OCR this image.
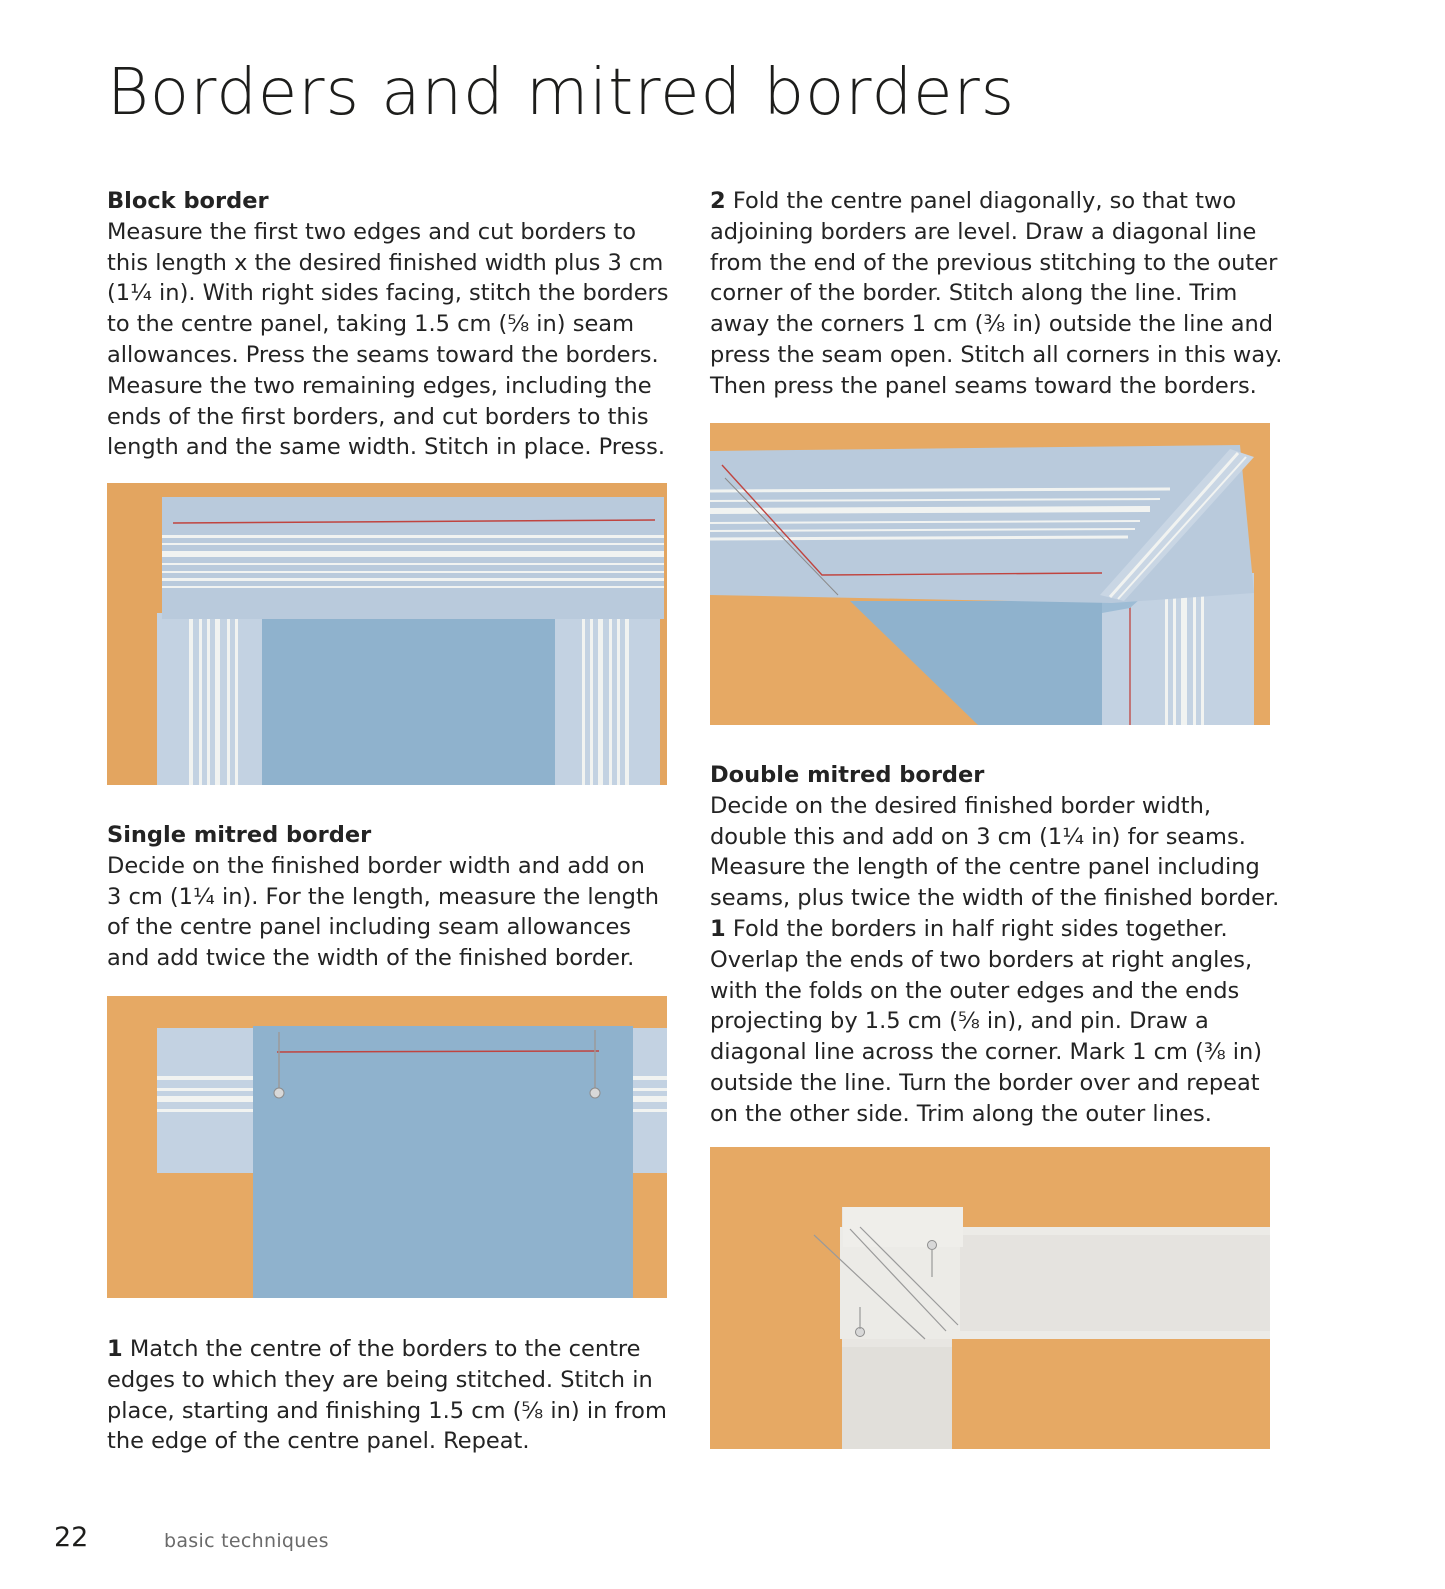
Borders and mitred borders
Block border
Measure the first two edges and cut borders to
this length x the desired finished width plus 3 cm
(1¼ in). With right sides facing, stitch the borders
to the centre panel, taking 1.5 cm (⅝ in) seam
allowances. Press the seams toward the borders.
Measure the two remaining edges, including the
ends of the first borders, and cut borders to this
length and the same width. Stitch in place. Press.
Single mitred border
Decide on the finished border width and add on
3 cm (1¼ in). For the length, measure the length
of the centre panel including seam allowances
and add twice the width of the finished border.
1 Match the centre of the borders to the centre
edges to which they are being stitched. Stitch in
place, starting and finishing 1.5 cm (⅝ in) in from
the edge of the centre panel. Repeat.
2 Fold the centre panel diagonally, so that two
adjoining borders are level. Draw a diagonal line
from the end of the previous stitching to the outer
corner of the border. Stitch along the line. Trim
away the corners 1 cm (⅜ in) outside the line and
press the seam open. Stitch all corners in this way.
Then press the panel seams toward the borders.
Double mitred border
Decide on the desired finished border width,
double this and add on 3 cm (1¼ in) for seams.
Measure the length of the centre panel including
seams, plus twice the width of the finished border.
1 Fold the borders in half right sides together.
Overlap the ends of two borders at right angles,
with the folds on the outer edges and the ends
projecting by 1.5 cm (⅝ in), and pin. Draw a
diagonal line across the corner. Mark 1 cm (⅜ in)
outside the line. Turn the border over and repeat
on the other side. Trim along the outer lines.
22	basic techniques
